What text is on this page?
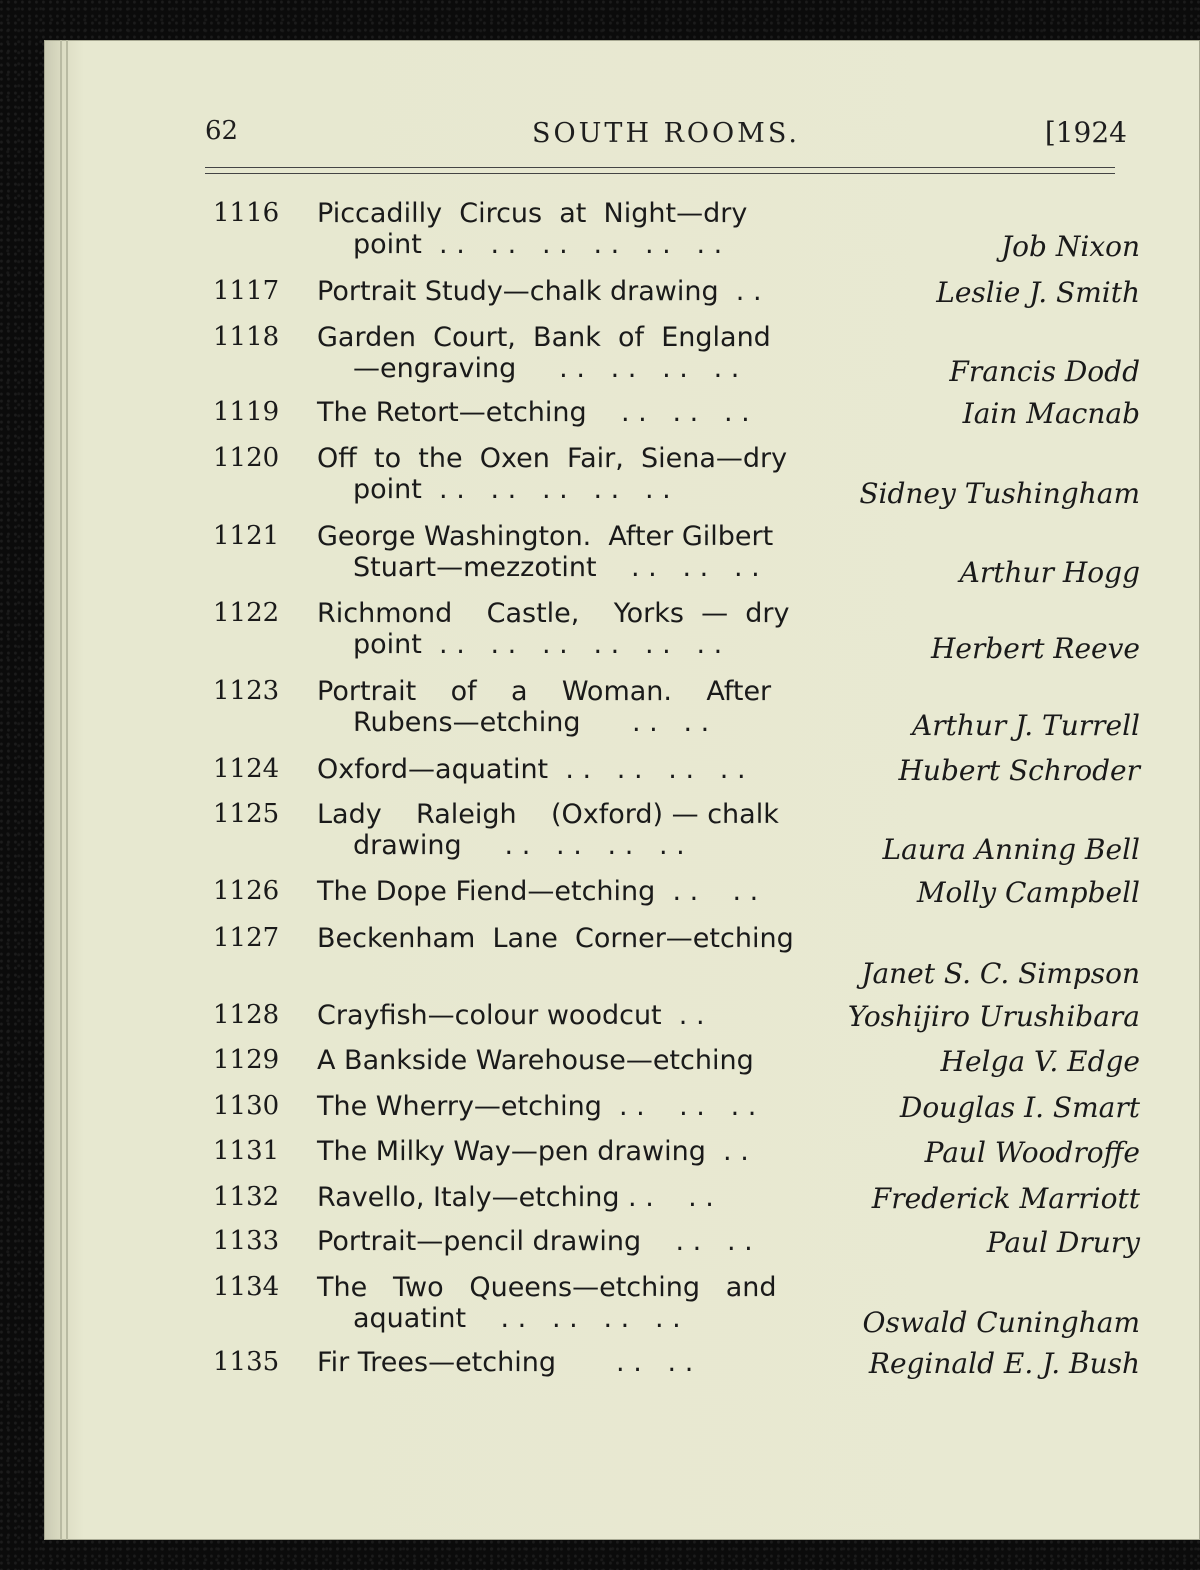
62	SOUTH ROOMS.	[1924
1116 Piccadilly  Circus  at  Night—dry
point  . .   . .   . .   . .   . .   . .	Job Nixon
1117 Portrait Study—chalk drawing  . .	Leslie J. Smith
1118 Garden  Court,  Bank  of  England
—engraving     . .   . .   . .   . .	Francis Dodd
1119 The Retort—etching    . .   . .   . .	Iain Macnab
1120 Off  to  the  Oxen  Fair,  Siena—dry
point  . .   . .   . .   . .   . .	Sidney Tushingham
1121 George Washington.  After Gilbert
Stuart—mezzotint    . .   . .   . .	Arthur Hogg
1122 Richmond    Castle,    Yorks  —  dry
point  . .   . .   . .   . .   . .   . .	Herbert Reeve
1123 Portrait    of    a    Woman.    After
Rubens—etching      . .   . .	Arthur J. Turrell
1124 Oxford—aquatint  . .   . .   . .   . .	Hubert Schroder
1125 Lady    Raleigh    (Oxford) — chalk
drawing     . .   . .   . .   . .	Laura Anning Bell
1126 The Dope Fiend—etching  . .    . .	Molly Campbell
1127 Beckenham  Lane  Corner—etching
Janet S. C. Simpson
1128 Crayfish—colour woodcut  . .	Yoshijiro Urushibara
1129 A Bankside Warehouse—etching	Helga V. Edge
1130 The Wherry—etching  . .    . .   . .	Douglas I. Smart
1131 The Milky Way—pen drawing  . .	Paul Woodroffe
1132 Ravello, Italy—etching . .    . .	Frederick Marriott
1133 Portrait—pencil drawing    . .   . .	Paul Drury
1134 The   Two   Queens—etching   and
aquatint    . .   . .   . .   . .	Oswald Cuningham
1135 Fir Trees—etching       . .   . .	Reginald E. J. Bush
